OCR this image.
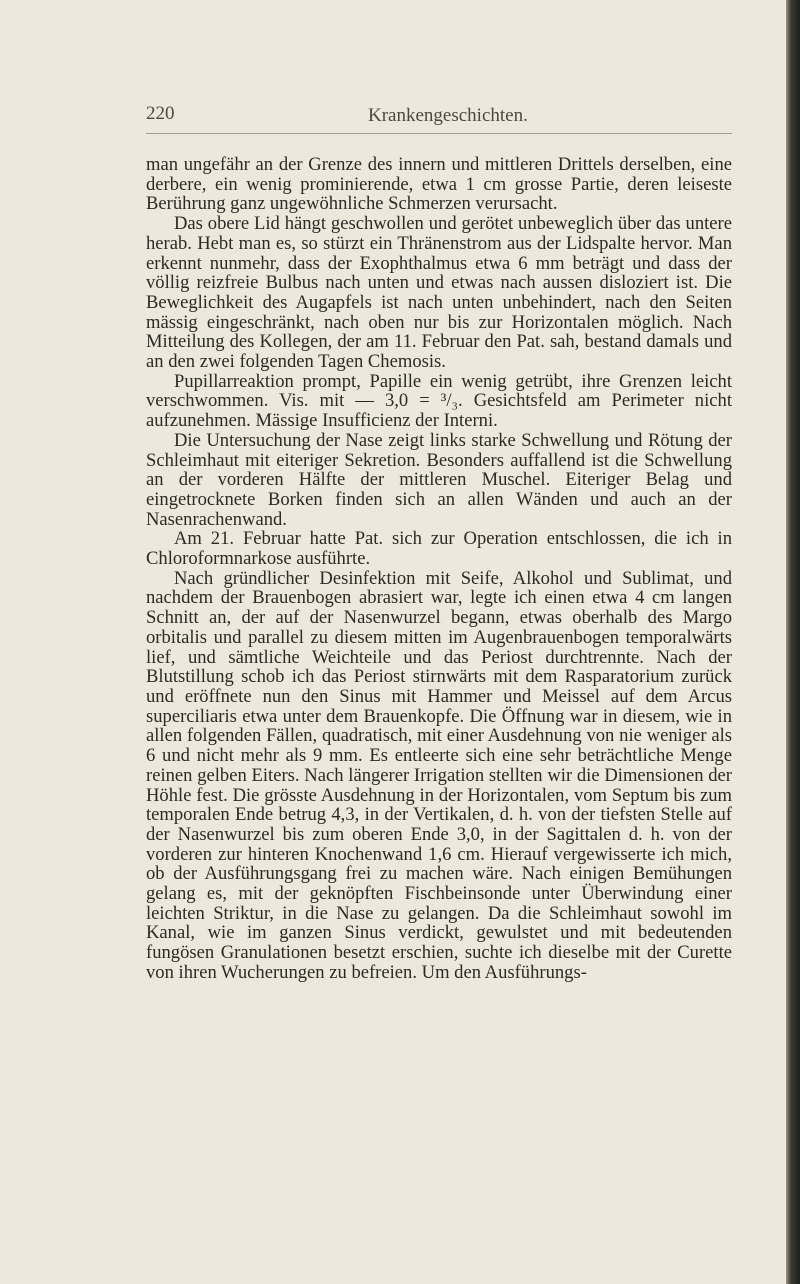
220	Krankengeschichten.

man ungefähr an der Grenze des innern und mittleren Drittels derselben, eine derbere, ein wenig prominierende, etwa 1 cm grosse Partie, deren leiseste Berührung ganz ungewöhnliche Schmerzen verursacht.

Das obere Lid hängt geschwollen und gerötet unbeweglich über das untere herab. Hebt man es, so stürzt ein Thränenstrom aus der Lidspalte hervor. Man erkennt nunmehr, dass der Exophthalmus etwa 6 mm beträgt und dass der völlig reizfreie Bulbus nach unten und etwas nach aussen disloziert ist. Die Beweglichkeit des Augapfels ist nach unten unbehindert, nach den Seiten mässig eingeschränkt, nach oben nur bis zur Horizontalen möglich. Nach Mitteilung des Kollegen, der am 11. Februar den Pat. sah, bestand damals und an den zwei folgenden Tagen Chemosis.

Pupillarreaktion prompt, Papille ein wenig getrübt, ihre Grenzen leicht verschwommen. Vis. mit — 3,0 = ³/₃. Gesichtsfeld am Perimeter nicht aufzunehmen. Mässige Insufficienz der Interni.

Die Untersuchung der Nase zeigt links starke Schwellung und Rötung der Schleimhaut mit eiteriger Sekretion. Besonders auffallend ist die Schwellung an der vorderen Hälfte der mittleren Muschel. Eiteriger Belag und eingetrocknete Borken finden sich an allen Wänden und auch an der Nasenrachenwand.

Am 21. Februar hatte Pat. sich zur Operation entschlossen, die ich in Chloroformnarkose ausführte.

Nach gründlicher Desinfektion mit Seife, Alkohol und Sublimat, und nachdem der Brauenbogen abrasiert war, legte ich einen etwa 4 cm langen Schnitt an, der auf der Nasenwurzel begann, etwas oberhalb des Margo orbitalis und parallel zu diesem mitten im Augenbrauenbogen temporalwärts lief, und sämtliche Weichteile und das Periost durchtrennte. Nach der Blutstillung schob ich das Periost stirnwärts mit dem Rasparatorium zurück und eröffnete nun den Sinus mit Hammer und Meissel auf dem Arcus superciliaris etwa unter dem Brauenkopfe. Die Öffnung war in diesem, wie in allen folgenden Fällen, quadratisch, mit einer Ausdehnung von nie weniger als 6 und nicht mehr als 9 mm. Es entleerte sich eine sehr beträchtliche Menge reinen gelben Eiters. Nach längerer Irrigation stellten wir die Dimensionen der Höhle fest. Die grösste Ausdehnung in der Horizontalen, vom Septum bis zum temporalen Ende betrug 4,3, in der Vertikalen, d. h. von der tiefsten Stelle auf der Nasenwurzel bis zum oberen Ende 3,0, in der Sagittalen d. h. von der vorderen zur hinteren Knochenwand 1,6 cm. Hierauf vergewisserte ich mich, ob der Ausführungsgang frei zu machen wäre. Nach einigen Bemühungen gelang es, mit der geknöpften Fischbeinsonde unter Überwindung einer leichten Striktur, in die Nase zu gelangen. Da die Schleimhaut sowohl im Kanal, wie im ganzen Sinus verdickt, gewulstet und mit bedeutenden fungösen Granulationen besetzt erschien, suchte ich dieselbe mit der Curette von ihren Wucherungen zu befreien. Um den Ausführungs-
